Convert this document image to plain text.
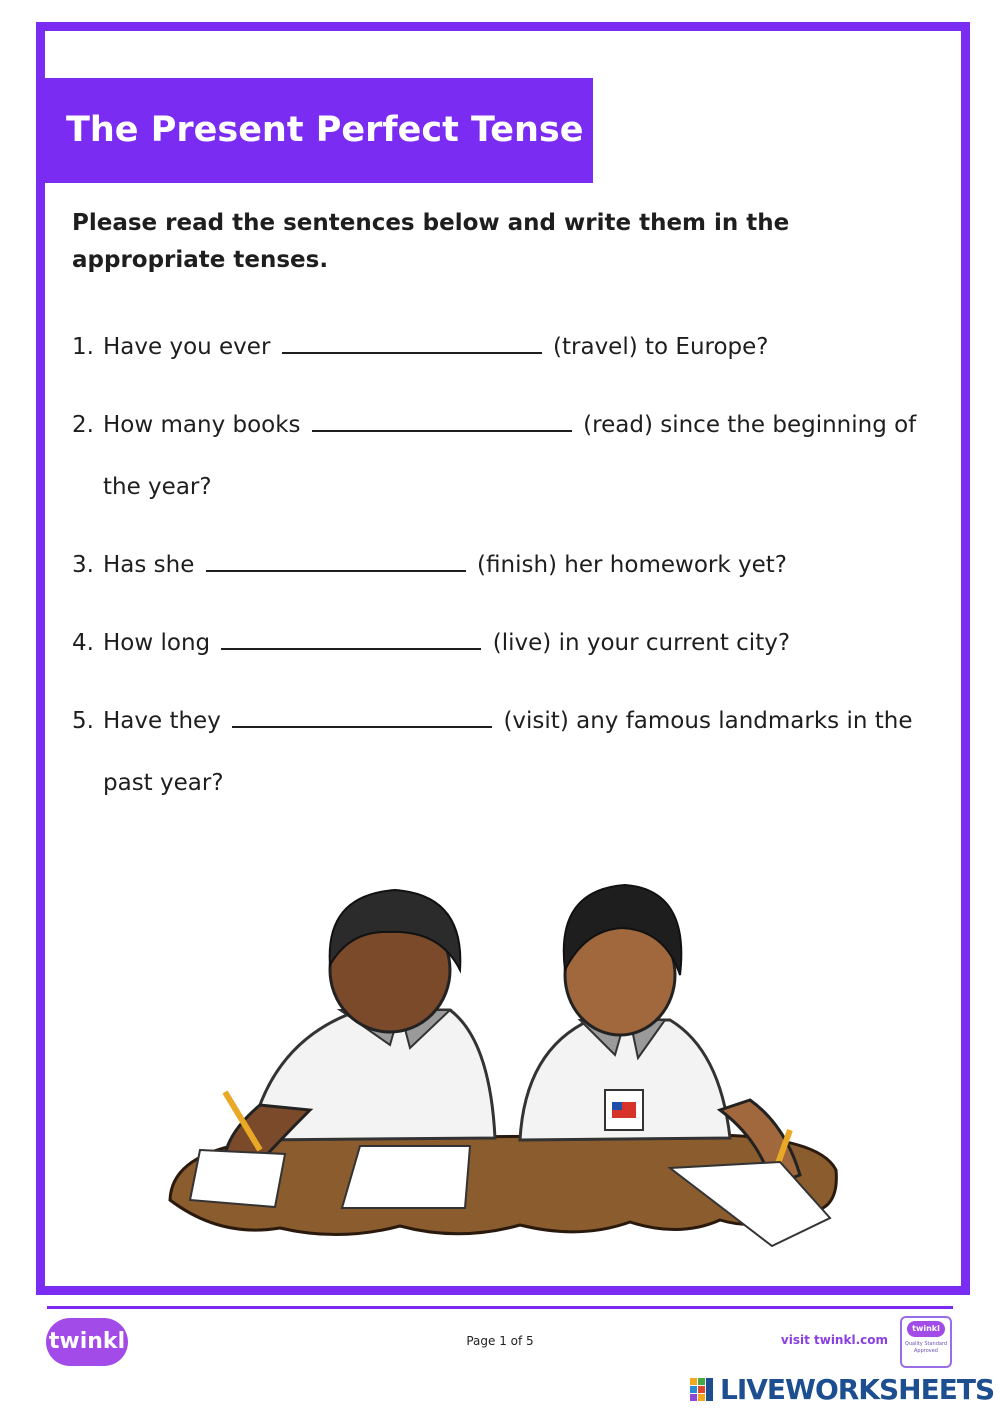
The Present Perfect Tense
Please read the sentences below and write them in the appropriate tenses.
1. Have you ever	(travel) to Europe?
2. How many books	(read) since the beginning of
the year?
3. Has she	(finish) her homework yet?
4. How long	(live) in your current city?
5. Have they	(visit) any famous landmarks in the
past year?
twinkl	Page 1 of 5	visit twinkl.com
twinkl
Quality Standard Approved
LIVEWORKSHEETS
